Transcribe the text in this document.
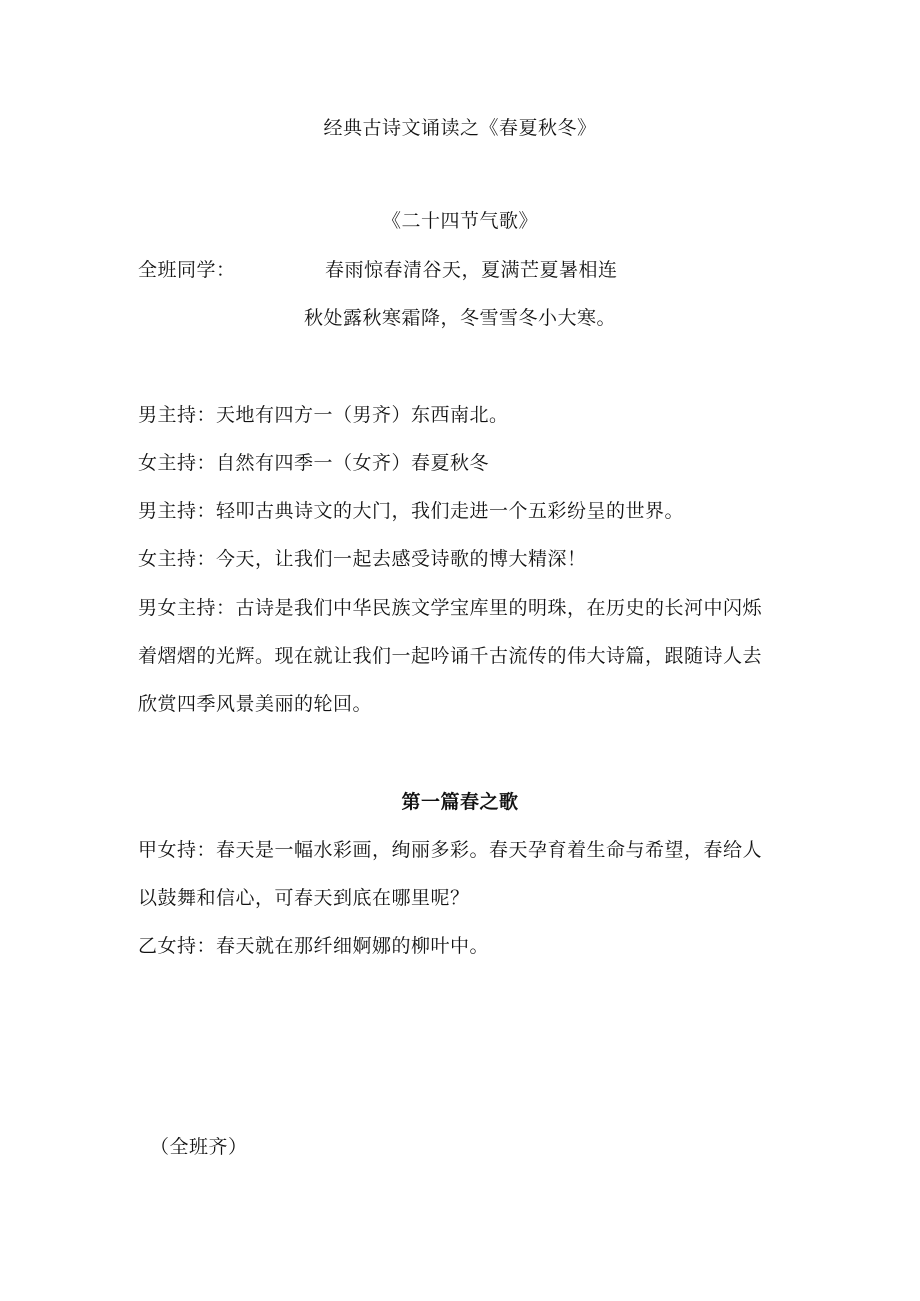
经典古诗文诵读之《春夏秋冬》
《二十四节气歌》
全班同学：	春雨惊春清谷天，夏满芒夏暑相连
秋处露秋寒霜降，冬雪雪冬小大寒。
男主持：天地有四方一（男齐）东西南北。
女主持：自然有四季一（女齐）春夏秋冬
男主持：轻叩古典诗文的大门，我们走进一个五彩纷呈的世界。
女主持：今天，让我们一起去感受诗歌的博大精深！
男女主持：古诗是我们中华民族文学宝库里的明珠，在历史的长河中闪烁
着熠熠的光辉。现在就让我们一起吟诵千古流传的伟大诗篇，跟随诗人去
欣赏四季风景美丽的轮回。
第一篇春之歌
甲女持：春天是一幅水彩画，绚丽多彩。春天孕育着生命与希望，春给人
以鼓舞和信心，可春天到底在哪里呢？
乙女持：春天就在那纤细婀娜的柳叶中。
（全班齐）
